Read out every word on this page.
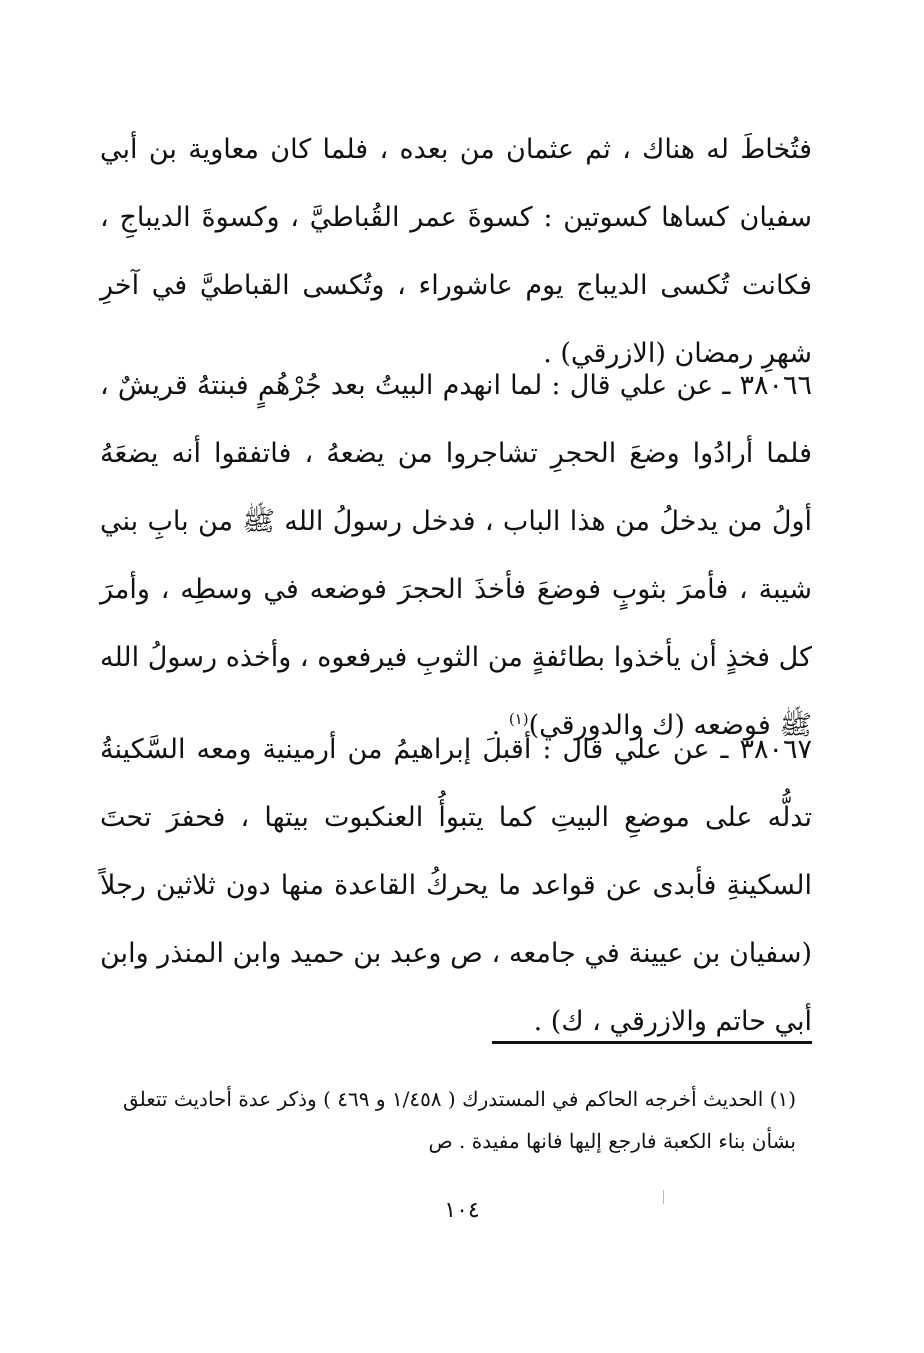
فتُخاطَ له هناك ، ثم عثمان من بعده ، فلما كان معاوية بن أبي سفيان كساها كسوتين : كسوةَ عمر القُباطيَّ ، وكسوةَ الديباجِ ، فكانت تُكسى الديباج يوم عاشوراء ، وتُكسى القباطيَّ في آخرِ شهرِ رمضان (الازرقي) .

٣٨٠٦٦ ـ عن علي قال : لما انهدم البيتُ بعد جُرْهُمٍ فبنتهُ قريشٌ ، فلما أرادُوا وضعَ الحجرِ تشاجروا من يضعهُ ، فاتفقوا أنه يضعَهُ أولُ من يدخلُ من هذا الباب ، فدخل رسولُ الله ﷺ من بابِ بني شيبة ، فأمرَ بثوبٍ فوضعَ فأخذَ الحجرَ فوضعه في وسطِه ، وأمرَ كل فخذٍ أن يأخذوا بطائفةٍ من الثوبِ فيرفعوه ، وأخذه رسولُ الله ﷺ فوضعه (ك والدورقي)$^{(١)}$ .

٣٨٠٦٧ ـ عن علي قال : أقبلَ إبراهيمُ من أرمينية ومعه السَّكينةُ تدلُّه على موضعِ البيتِ كما يتبوأُ العنكبوت بيتها ، فحفرَ تحتَ السكينةِ فأبدى عن قواعد ما يحركُ القاعدة منها دون ثلاثين رجلاً (سفيان بن عيينة في جامعه ، ص وعبد بن حميد وابن المنذر وابن أبي حاتم والازرقي ، ك) .

(١) الحديث أخرجه الحاكم في المستدرك ( ١/٤٥٨ و ٤٦٩ ) وذكر عدة أحاديث تتعلق بشأن بناء الكعبة فارجع إليها فانها مفيدة . ص

١٠٤
